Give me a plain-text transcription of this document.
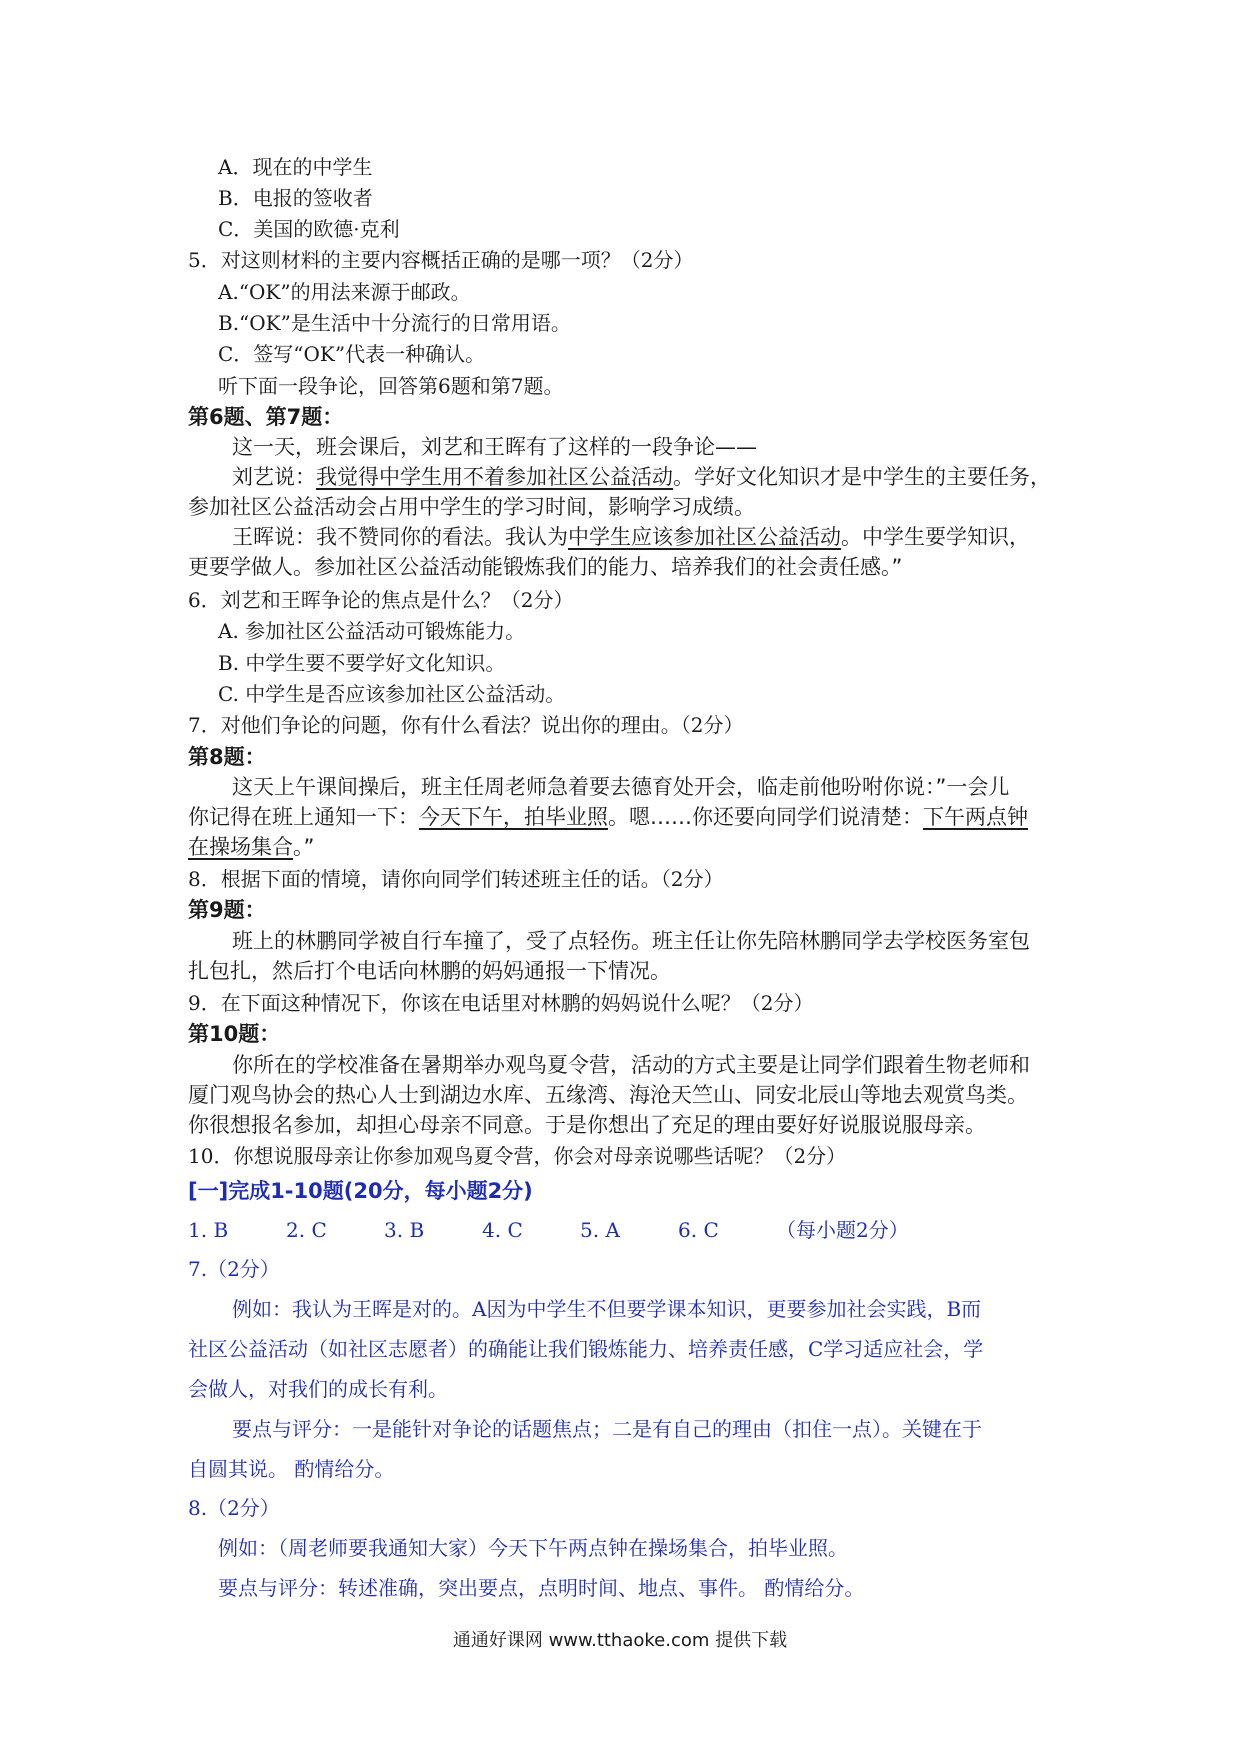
A．现在的中学生
B．电报的签收者
C．美国的欧德·克利
5．对这则材料的主要内容概括正确的是哪一项？（2分）
A.“OK”的用法来源于邮政。
B.“OK”是生活中十分流行的日常用语。
C．签写“OK”代表一种确认。
听下面一段争论，回答第6题和第7题。
第6题、第7题：
这一天，班会课后，刘艺和王晖有了这样的一段争论——
刘艺说：我觉得中学生用不着参加社区公益活动。学好文化知识才是中学生的主要任务，
参加社区公益活动会占用中学生的学习时间，影响学习成绩。
王晖说：我不赞同你的看法。我认为中学生应该参加社区公益活动。中学生要学知识，
更要学做人。参加社区公益活动能锻炼我们的能力、培养我们的社会责任感。”
6．刘艺和王晖争论的焦点是什么？（2分）
A. 参加社区公益活动可锻炼能力。
B. 中学生要不要学好文化知识。
C. 中学生是否应该参加社区公益活动。
7．对他们争论的问题，你有什么看法？说出你的理由。（2分）
第8题：
这天上午课间操后，班主任周老师急着要去德育处开会，临走前他吩咐你说：”一会儿
你记得在班上通知一下：今天下午，拍毕业照。嗯……你还要向同学们说清楚：下午两点钟
在操场集合。”
8．根据下面的情境，请你向同学们转述班主任的话。（2分）
第9题：
班上的林鹏同学被自行车撞了，受了点轻伤。班主任让你先陪林鹏同学去学校医务室包
扎包扎，然后打个电话向林鹏的妈妈通报一下情况。
9．在下面这种情况下，你该在电话里对林鹏的妈妈说什么呢？（2分）
第10题：
你所在的学校准备在暑期举办观鸟夏令营，活动的方式主要是让同学们跟着生物老师和
厦门观鸟协会的热心人士到湖边水库、五缘湾、海沧天竺山、同安北辰山等地去观赏鸟类。
你很想报名参加，却担心母亲不同意。于是你想出了充足的理由要好好说服说服母亲。
10．你想说服母亲让你参加观鸟夏令营，你会对母亲说哪些话呢？（2分）
[一]完成1-10题(20分，每小题2分)
1. B	2. C	3. B	4. C	5. A	6. C	（每小题2分）
7.（2分）
例如：我认为王晖是对的。A因为中学生不但要学课本知识，更要参加社会实践，B而
社区公益活动（如社区志愿者）的确能让我们锻炼能力、培养责任感，C学习适应社会，学
会做人，对我们的成长有利。
要点与评分：一是能针对争论的话题焦点；二是有自己的理由（扣住一点）。关键在于
自圆其说。 酌情给分。
8.（2分）
例如：（周老师要我通知大家）今天下午两点钟在操场集合，拍毕业照。
要点与评分：转述准确，突出要点，点明时间、地点、事件。 酌情给分。
通通好课网 www.tthaoke.com 提供下载
